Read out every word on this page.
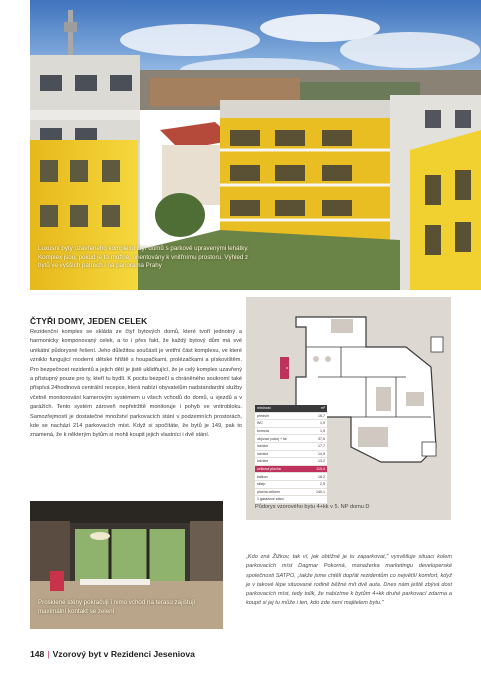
Luxusní byty uzavřeného komplexu čtyř domů s parkově upravenými lehátky. Komplex jsou, pokud je to možné, orientovány k vnitřnímu prostoru. Výhled z bytů ve vyšších patrech i na panorama Prahy
ČTYŘI DOMY, JEDEN CELEK

Rezidenční komplex se skládá ze čtyř bytových domů, které tvoří jednotný a harmonicky komponovaný celek, a to i přes fakt, že každý bytový dům má své unikátní půdorysné řešení. Jeho důležitou součástí je vnitřní část komplexu, ve které vzniklo fungující moderní dětské hřiště s houpačkami, prolézačkami a pískovištěm. Pro bezpečnost rezidentů a jejich dětí je jistě uklidňující, že je celý komplex uzavřený a přístupný pouze pro ty, kteří tu bydlí. K pocitu bezpečí a chráněného soukromí také přispívá 24hodinová centrální recepce, která nabízí obyvatelům nadstandardní služby včetně monitorování kamerovým systémem u všech vchodů do domů, u vjezdů a v garážích. Tento systém zároveň nepřetržitě monitoruje i pohyb ve vnitrobloku. Samozřejmostí je dostatečné množství parkovacích stání v podzemních prostorách, kde se nachází 214 parkovacích míst. Když si spočítáte, že bytů je 149, pak to znamená, že k některým bytům si mohli koupit jejich vlastníci i dvě stání.

D
místnost	m²
předsíň	16,7
WC	1,9
komora	1,5
obývací pokoj + kk	37,6
ložnice	17,7
ložnice	14,9
ložnice	13,2
celková plocha	119,4
balkon	18,2
sklep	2,5
plocha celkem	140,1
1 garážové stání
Půdorys vzorového bytu 4+kk v 5. NP domu D
Prosklené stěny pokračují i nimo vchod na terasu zajištují maximální kontakt se zelení

„Kdo zná Žižkov, tak ví, jak obtížné je tu zaparkovat," vysvětluje situaci kolem parkovacích míst Dagmar Pokorná, manažerka marketingu developerské společnosti SATPO, „takže jsme chtěli dopřát rezidentům co největší komfort, když je v takové lépe situované rodině běžné mít dvě auta. Dnes nám ještě zbývá dost parkovacích míst, tedy tolik, že nabízíme k bytům 4+kk druhé parkovací zdarma a koupit si jej tu může i ten, kdo zde není majitelem bytu."

148 | Vzorový byt v Rezidenci Jeseniova
